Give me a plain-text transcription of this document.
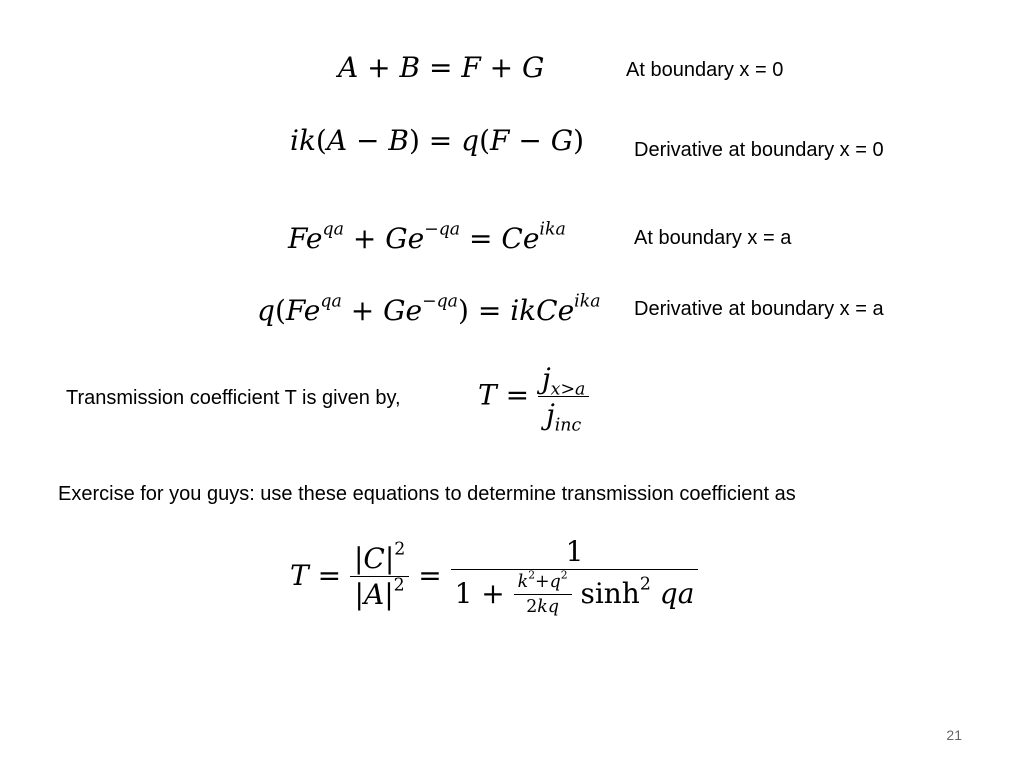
A + B = F + G	At boundary x = 0
ik(A − B) = q(F − G) Derivative at boundary x = 0
$Fe^{qa} + Ge^{-qa} = Ce^{ika}$	At boundary x = a
$q(Fe^{qa} + Ge^{-qa})$ = ikCe$^{ika}$ Derivative at boundary x = a
Transmission coefficient T is given by,	$T = \frac{j_{x>a}}{j_{inc}}$
Exercise for you guys: use these equations to determine transmission coefficient as
$T = \frac{|C|^2}{|A|^2}$ =
1
$1 + \frac{k^2+q^2}{2kq} \sinh^2$ qa
21
